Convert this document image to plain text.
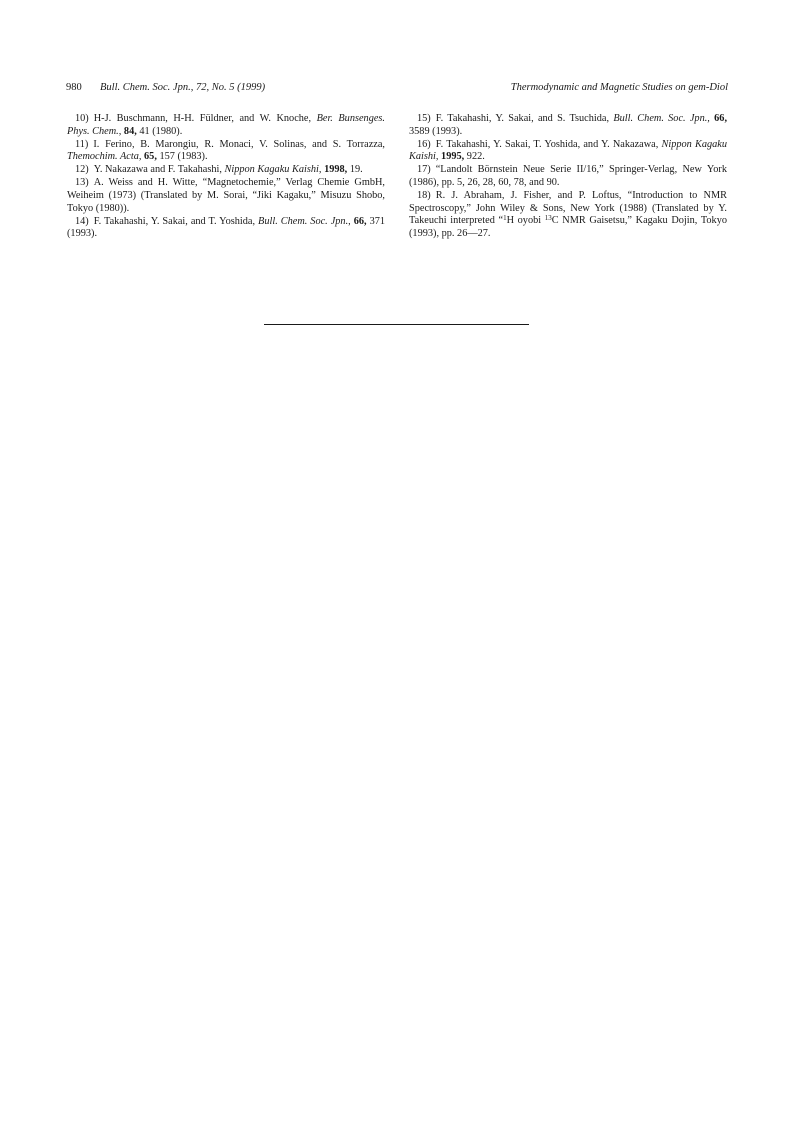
980 Bull. Chem. Soc. Jpn., 72, No. 5 (1999)	Thermodynamic and Magnetic Studies on gem-Diol

10) H-J. Buschmann, H-H. Füldner, and W. Knoche, Ber. Bunsenges. Phys. Chem., 84, 41 (1980).

11) I. Ferino, B. Marongiu, R. Monaci, V. Solinas, and S. Torrazza, Themochim. Acta, 65, 157 (1983).

12) Y. Nakazawa and F. Takahashi, Nippon Kagaku Kaishi, 1998, 19.

13) A. Weiss and H. Witte, “Magnetochemie,” Verlag Chemie GmbH, Weiheim (1973) (Translated by M. Sorai, “Jiki Kagaku,” Misuzu Shobo, Tokyo (1980)).

14) F. Takahashi, Y. Sakai, and T. Yoshida, Bull. Chem. Soc. Jpn., 66, 371 (1993).

15) F. Takahashi, Y. Sakai, and S. Tsuchida, Bull. Chem. Soc. Jpn., 66, 3589 (1993).

16) F. Takahashi, Y. Sakai, T. Yoshida, and Y. Nakazawa, Nippon Kagaku Kaishi, 1995, 922.

17) “Landolt Börnstein Neue Serie II/16,” Springer-Verlag, New York (1986), pp. 5, 26, 28, 60, 78, and 90.

18) R. J. Abraham, J. Fisher, and P. Loftus, “Introduction to NMR Spectroscopy,” John Wiley & Sons, New York (1988) (Translated by Y. Takeuchi interpreted “$^1$H oyobi $^{13}$C NMR Gaisetsu,” Kagaku Dojin, Tokyo (1993), pp. 26—27.
